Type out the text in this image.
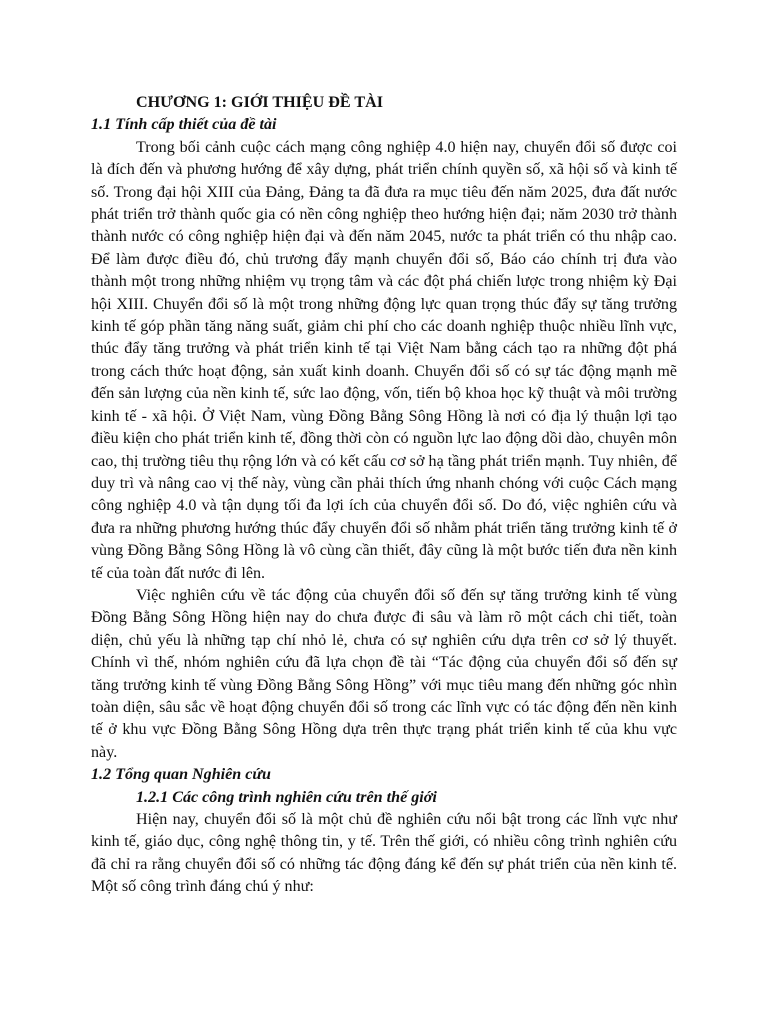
CHƯƠNG 1: GIỚI THIỆU ĐỀ TÀI
1.1 Tính cấp thiết của đề tài

Trong bối cảnh cuộc cách mạng công nghiệp 4.0 hiện nay, chuyển đổi số được coi là đích đến và phương hướng để xây dựng, phát triển chính quyền số, xã hội số và kinh tế số. Trong đại hội XIII của Đảng, Đảng ta đã đưa ra mục tiêu đến năm 2025, đưa đất nước phát triển trở thành quốc gia có nền công nghiệp theo hướng hiện đại; năm 2030 trở thành thành nước có công nghiệp hiện đại và đến năm 2045, nước ta phát triển có thu nhập cao. Để làm được điều đó, chủ trương đẩy mạnh chuyển đổi số, Báo cáo chính trị đưa vào thành một trong những nhiệm vụ trọng tâm và các đột phá chiến lược trong nhiệm kỳ Đại hội XIII. Chuyển đổi số là một trong những động lực quan trọng thúc đẩy sự tăng trưởng kinh tế góp phần tăng năng suất, giảm chi phí cho các doanh nghiệp thuộc nhiều lĩnh vực, thúc đẩy tăng trưởng và phát triển kinh tế tại Việt Nam bằng cách tạo ra những đột phá trong cách thức hoạt động, sản xuất kinh doanh. Chuyển đổi số có sự tác động mạnh mẽ đến sản lượng của nền kinh tế, sức lao động, vốn, tiến bộ khoa học kỹ thuật và môi trường kinh tế - xã hội. Ở Việt Nam, vùng Đồng Bằng Sông Hồng là nơi có địa lý thuận lợi tạo điều kiện cho phát triển kinh tế, đồng thời còn có nguồn lực lao động dồi dào, chuyên môn cao, thị trường tiêu thụ rộng lớn và có kết cấu cơ sở hạ tầng phát triển mạnh. Tuy nhiên, để duy trì và nâng cao vị thế này, vùng cần phải thích ứng nhanh chóng với cuộc Cách mạng công nghiệp 4.0 và tận dụng tối đa lợi ích của chuyển đổi số. Do đó, việc nghiên cứu và đưa ra những phương hướng thúc đẩy chuyển đổi số nhằm phát triển tăng trưởng kinh tế ở vùng Đồng Bằng Sông Hồng là vô cùng cần thiết, đây cũng là một bước tiến đưa nền kinh tế của toàn đất nước đi lên.

Việc nghiên cứu về tác động của chuyển đổi số đến sự tăng trưởng kinh tế vùng Đồng Bằng Sông Hồng hiện nay do chưa được đi sâu và làm rõ một cách chi tiết, toàn diện, chủ yếu là những tạp chí nhỏ lẻ, chưa có sự nghiên cứu dựa trên cơ sở lý thuyết. Chính vì thế, nhóm nghiên cứu đã lựa chọn đề tài “Tác động của chuyển đổi số đến sự tăng trưởng kinh tế vùng Đồng Bằng Sông Hồng” với mục tiêu mang đến những góc nhìn toàn diện, sâu sắc về hoạt động chuyển đổi số trong các lĩnh vực có tác động đến nền kinh tế ở khu vực Đồng Bằng Sông Hồng dựa trên thực trạng phát triển kinh tế của khu vực này.

1.2 Tổng quan Nghiên cứu
1.2.1 Các công trình nghiên cứu trên thế giới

Hiện nay, chuyển đổi số là một chủ đề nghiên cứu nổi bật trong các lĩnh vực như kinh tế, giáo dục, công nghệ thông tin, y tế. Trên thế giới, có nhiều công trình nghiên cứu đã chỉ ra rằng chuyển đổi số có những tác động đáng kể đến sự phát triển của nền kinh tế. Một số công trình đáng chú ý như:
